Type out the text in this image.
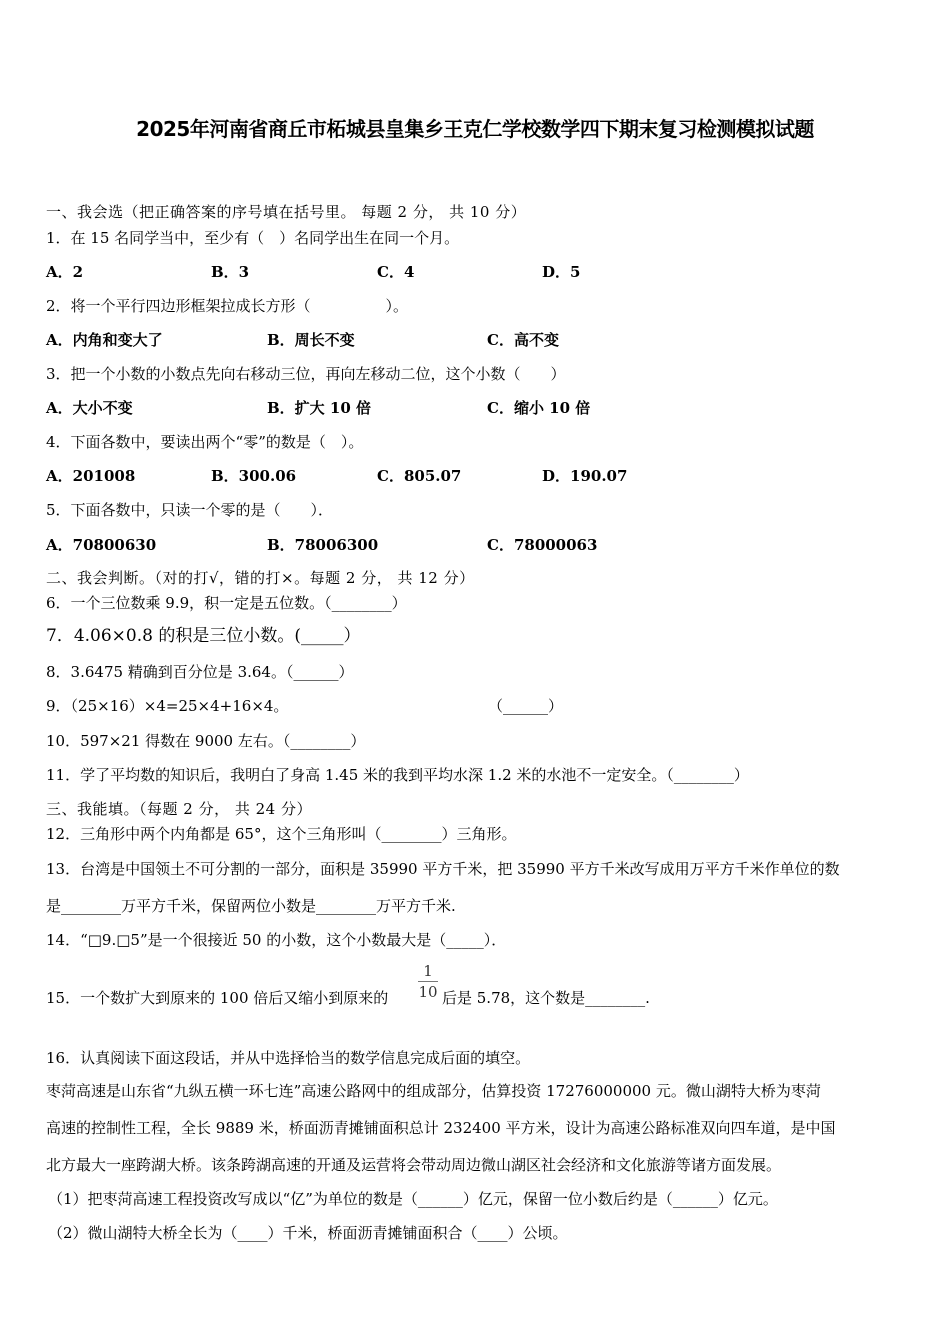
2025年河南省商丘市柘城县皇集乡王克仁学校数学四下期末复习检测模拟试题
一、我会选（把正确答案的序号填在括号里。 每题 2 分， 共 10 分）
1．在 15 名同学当中，至少有（　）名同学出生在同一个月。
A．2	B．3	C．4	D．5
2．将一个平行四边形框架拉成长方形（　　　　　）。
A．内角和变大了	B．周长不变	C．高不变
3．把一个小数的小数点先向右移动三位，再向左移动二位，这个小数（　　）
A．大小不变	B．扩大 10 倍	C．缩小 10 倍
4．下面各数中，要读出两个“零”的数是（　）。
A．201008	B．300.06	C．805.07	D．190.07
5．下面各数中，只读一个零的是（　　）．
A．70800630	B．78006300	C．78000063
二、我会判断。（对的打√，错的打×。每题 2 分， 共 12 分）
6．一个三位数乘 9.9，积一定是五位数。（________）
7．4.06×0.8 的积是三位小数。(_____）
8．3.6475 精确到百分位是 3.64。（______）
9．（25×16）×4=25×4+16×4。	（______）
10．597×21 得数在 9000 左右。（________）
11．学了平均数的知识后，我明白了身高 1.45 米的我到平均水深 1.2 米的水池不一定安全。（________）
三、我能填。（每题 2 分， 共 24 分）
12．三角形中两个内角都是 65°，这个三角形叫（________）三角形。
13．台湾是中国领土不可分割的一部分，面积是 35990 平方千米，把 35990 平方千米改写成用万平方千米作单位的数
是________万平方千米，保留两位小数是________万平方千米.
14．“□9.□5”是一个很接近 50 的小数，这个小数最大是（_____）．
15．一个数扩大到原来的 100 倍后又缩小到原来的
1
10 后是 5.78，这个数是________.
16．认真阅读下面这段话，并从中选择恰当的数学信息完成后面的填空。
枣菏高速是山东省“九纵五横一环七连”高速公路网中的组成部分，估算投资 17276000000 元。微山湖特大桥为枣菏
高速的控制性工程，全长 9889 米，桥面沥青摊铺面积总计 232400 平方米，设计为高速公路标准双向四车道，是中国
北方最大一座跨湖大桥。该条跨湖高速的开通及运营将会带动周边微山湖区社会经济和文化旅游等诸方面发展。
（1）把枣菏高速工程投资改写成以“亿”为单位的数是（______）亿元，保留一位小数后约是（______）亿元。
（2）微山湖特大桥全长为（____）千米，桥面沥青摊铺面积合（____）公顷。
